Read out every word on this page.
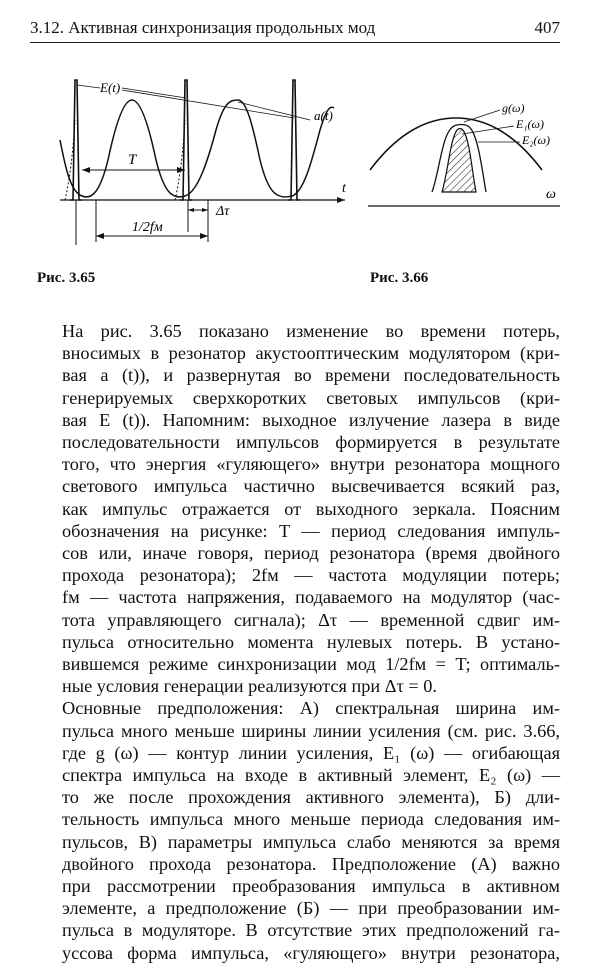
3.12. Активная синхронизация продольных мод	407
t
T
Δτ
1/2fм
E(t)
a(t)
Рис. 3.65
ω
g(ω)
E₁(ω)
E₂(ω)
Рис. 3.66

На рис. 3.65 показано изменение во времени потерь,
вносимых в резонатор акустооптическим модулятором (кри-
вая a (t)), и развернутая во времени последовательность
генерируемых сверхкоротких световых импульсов (кри-
вая E (t)). Напомним: выходное излучение лазера в виде
последовательности импульсов формируется в результате
того, что энергия «гуляющего» внутри резонатора мощного
светового импульса частично высвечивается всякий раз,
как импульс отражается от выходного зеркала. Поясним
обозначения на рисунке: T — период следования импуль-
сов или, иначе говоря, период резонатора (время двойного
прохода резонатора); 2fм — частота модуляции потерь;
fм — частота напряжения, подаваемого на модулятор (час-
тота управляющего сигнала); Δτ — временной сдвиг им-
пульса относительно момента нулевых потерь. В устано-
вившемся режиме синхронизации мод 1/2fм = T; оптималь-
ные условия генерации реализуются при Δτ = 0.

Основные предположения: A) спектральная ширина им-
пульса много меньше ширины линии усиления (см. рис. 3.66,
где g (ω) — контур линии усиления, E₁ (ω) — огибающая
спектра импульса на входе в активный элемент, E₂ (ω) —
то же после прохождения активного элемента), Б) дли-
тельность импульса много меньше периода следования им-
пульсов, B) параметры импульса слабо меняются за время
двойного прохода резонатора. Предположение (A) важно
при рассмотрении преобразования импульса в активном
элементе, а предположение (Б) — при преобразовании им-
пульса в модуляторе. В отсутствие этих предположений га-
уссова форма импульса, «гуляющего» внутри резонатора,
